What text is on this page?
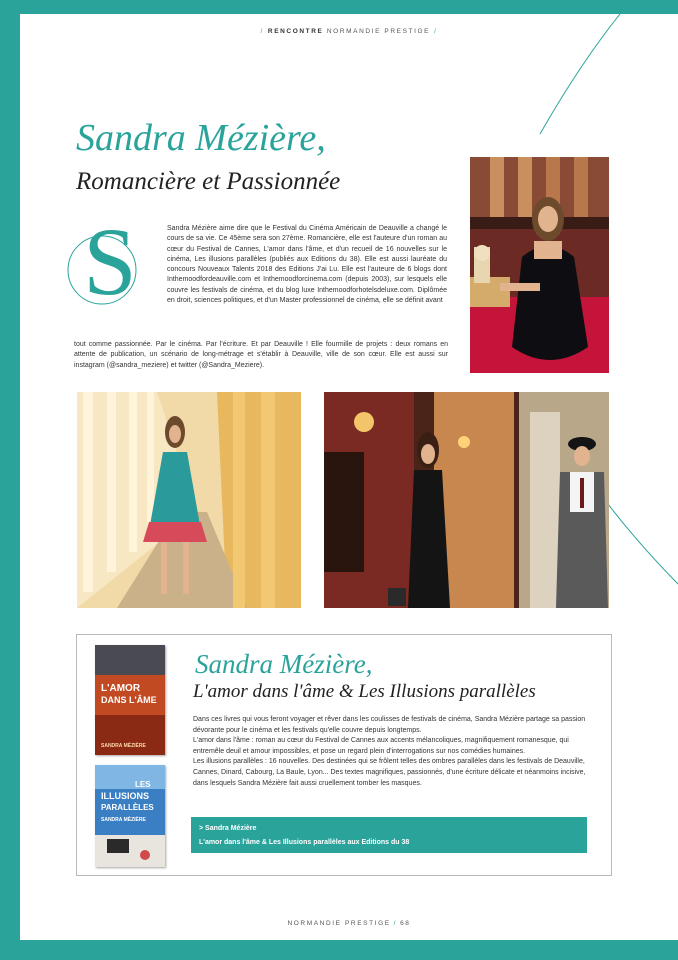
/ RENCONTRE NORMANDIE PRESTIGE /
Sandra Mézière,
Romancière et Passionnée
S	Sandra Mézière aime dire que le Festival du Cinéma Américain de Deauville a changé le cours de sa vie. Ce 45ème sera son 27ème. Romancière, elle est l'auteure d'un roman au cœur du Festival de Cannes, L'amor dans l'âme, et d'un recueil de 16 nouvelles sur le cinéma, Les illusions parallèles (publiés aux Editions du 38). Elle est aussi lauréate du concours Nouveaux Talents 2018 des Editions J'ai Lu. Elle est l'auteure de 6 blogs dont Inthemoodfordeauville.com et Inthemoodforcinema.com (depuis 2003), sur lesquels elle couvre les festivals de cinéma, et du blog luxe Inthemoodforhotelsdeluxe.com. Diplômée en droit, sciences politiques, et d'un Master professionnel de cinéma, elle se définit avant
tout comme passionnée. Par le cinéma. Par l'écriture. Et par Deauville ! Elle fourmille de projets : deux romans en attente de publication, un scénario de long-métrage et s'établir à Deauville, ville de son cœur. Elle est aussi sur instagram (@sandra_meziere) et twitter (@Sandra_Meziere).
Sandra Mézière,
L'amor dans l'âme & Les Illusions parallèles
L'AMOR
DANS L'ÂME
SANDRA MÉZIÈRE
LES
ILLUSIONS
PARALLÈLES
SANDRA MÉZIÈRE

Dans ces livres qui vous feront voyager et rêver dans les coulisses de festivals de cinéma, Sandra Mézière partage sa passion dévorante pour le cinéma et les festivals qu'elle couvre depuis longtemps.

L'amor dans l'âme : roman au cœur du Festival de Cannes aux accents mélancoliques, magnifiquement romanesque, qui entremêle deuil et amour impossibles, et pose un regard plein d'interrogations sur nos comédies humaines.

Les illusions parallèles : 16 nouvelles. Des destinées qui se frôlent telles des ombres parallèles dans les festivals de Deauville, Cannes, Dinard, Cabourg, La Baule, Lyon... Des textes magnifiques, passionnés, d'une écriture délicate et néanmoins incisive, dans lesquels Sandra Mézière fait aussi cruellement tomber les masques.

> Sandra Mézière
L'amor dans l'âme & Les Illusions parallèles aux Editions du 38
NORMANDIE PRESTIGE / 68
